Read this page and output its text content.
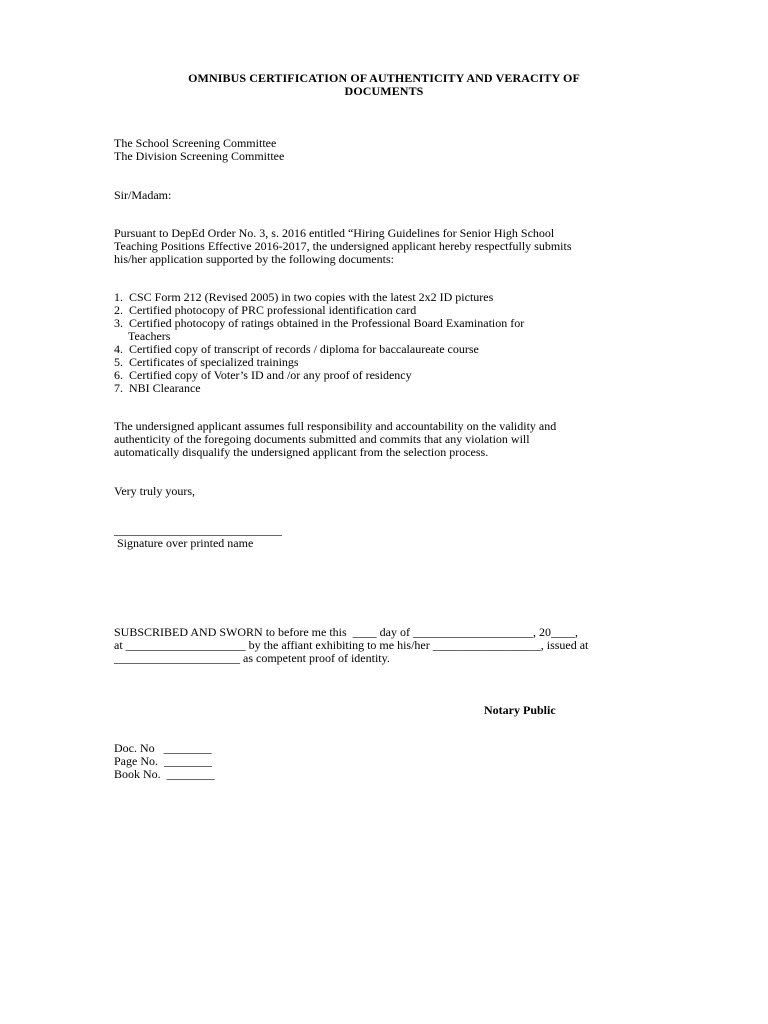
OMNIBUS CERTIFICATION OF AUTHENTICITY AND VERACITY OF
DOCUMENTS
The School Screening Committee
The Division Screening Committee
Sir/Madam:
Pursuant to DepEd Order No. 3, s. 2016 entitled “Hiring Guidelines for Senior High School
Teaching Positions Effective 2016-2017, the undersigned applicant hereby respectfully submits
his/her application supported by the following documents:
1.  CSC Form 212 (Revised 2005) in two copies with the latest 2x2 ID pictures
2.  Certified photocopy of PRC professional identification card
3.  Certified photocopy of ratings obtained in the Professional Board Examination for
Teachers
4.  Certified copy of transcript of records / diploma for baccalaureate course
5.  Certificates of specialized trainings
6.  Certified copy of Voter’s ID and /or any proof of residency
7.  NBI Clearance
The undersigned applicant assumes full responsibility and accountability on the validity and
authenticity of the foregoing documents submitted and commits that any violation will
automatically disqualify the undersigned applicant from the selection process.
Very truly yours,
____________________________
Signature over printed name
SUBSCRIBED AND SWORN to before me this  ____ day of ____________________, 20____,
at ____________________ by the affiant exhibiting to me his/her __________________, issued at
_____________________ as competent proof of identity.
Notary Public
Doc. No   ________
Page No.  ________
Book No.  ________
